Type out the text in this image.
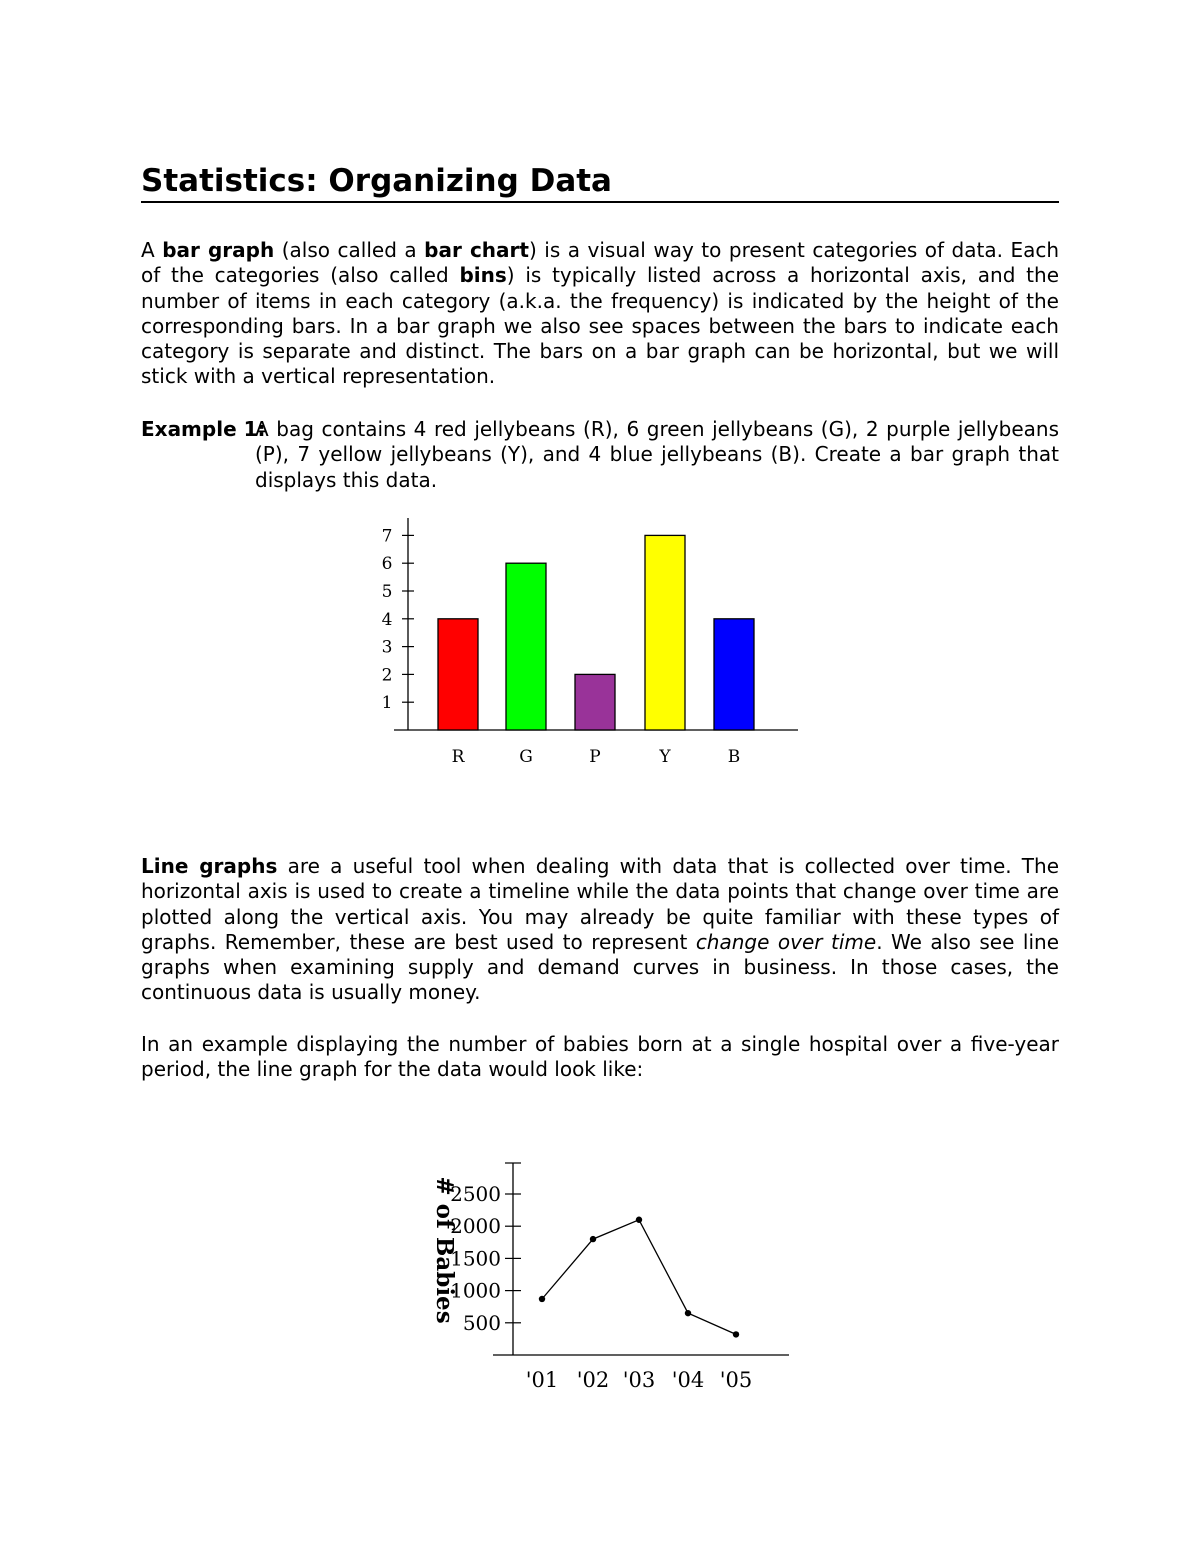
Statistics: Organizing Data

A bar graph (also called a bar chart) is a visual way to present categories of data. Each of the categories (also called bins) is typically listed across a horizontal axis, and the number of items in each category (a.k.a. the frequency) is indicated by the height of the corresponding bars. In a bar graph we also see spaces between the bars to indicate each category is separate and distinct. The bars on a bar graph can be horizontal, but we will stick with a vertical representation.

Example 1:
A bag contains 4 red jellybeans (R), 6 green jellybeans (G), 2 purple jellybeans (P), 7 yellow jellybeans (Y), and 4 blue jellybeans (B). Create a bar graph that displays this data.

Line graphs are a useful tool when dealing with data that is collected over time. The horizontal axis is used to create a timeline while the data points that change over time are plotted along the vertical axis. You may already be quite familiar with these types of graphs. Remember, these are best used to represent change over time. We also see line graphs when examining supply and demand curves in business. In those cases, the continuous data is usually money.

In an example displaying the number of babies born at a single hospital over a five-year period, the line graph for the data would look like:

1
2
3
4
5
6
7
R	G	P	Y	B
500
1000
1500
2000
2500
# of Babies
'01 '02 '03 '04 '05
